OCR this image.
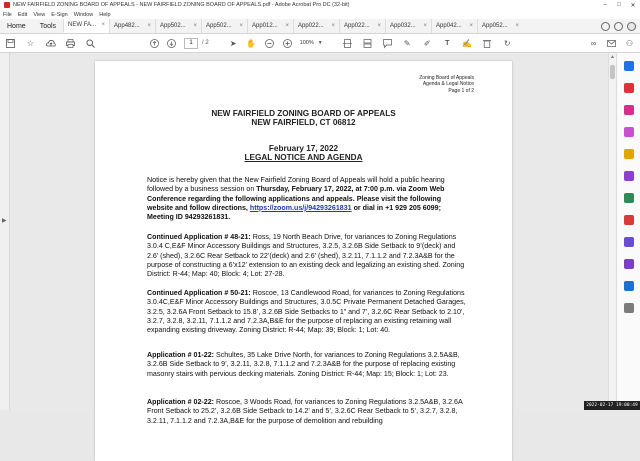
NEW FAIRFIELD ZONING BOARD OF APPEALS - NEW FAIRFIELD ZONING BOARD OF APPEALS.pdf - Adobe Acrobat Pro DC (32-bit)	–	□	✕
File Edit View E-Sign Window Help
Home	Tools	NEW FA... × App482... × App502... × App502... × App012... × App022... × App022... × App032... × App042... × App052... ×
☆	1	/ 2	➤ ✋	100% ▼	✎ ✐	T ✍	↻	∞	⚇
▶
Zoning Board of Appeals
Agenda & Legal Notice
Page 1 of 2
NEW FAIRFIELD ZONING BOARD OF APPEALS
NEW FAIRFIELD, CT 06812
February 17, 2022
LEGAL NOTICE AND AGENDA
Notice is hereby given that the New Fairfield Zoning Board of Appeals will hold a public hearing followed by a business session on Thursday, February 17, 2022, at 7:00 p.m. via Zoom Web Conference regarding the following applications and appeals. Please visit the following website and follow directions, https://zoom.us/j/94293261831 or dial in +1 929 205 6099; Meeting ID 94293261831.
Continued Application # 48-21: Ross, 19 North Beach Drive, for variances to Zoning Regulations 3.0.4 C,E&F Minor Accessory Buildings and Structures, 3.2.5, 3.2.6B Side Setback to 9’(deck) and 2.6’ (shed), 3.2.6C Rear Setback to 22’(deck) and 2.6’ (shed), 3.2.11, 7.1.1.2 and 7.2.3A&B for the purpose of constructing a 6’x12’ extension to an existing deck and legalizing an existing shed. Zoning District: R-44; Map: 40; Block: 4; Lot: 27-28.
Continued Application # 50-21: Roscoe, 13 Candlewood Road, for variances to Zoning Regulations 3.0.4C,E&F Minor Accessory Buildings and Structures, 3.0.5C Private Permanent Detached Garages, 3.2.5, 3.2.6A Front Setback to 15.8’, 3.2.6B Side Setbacks to 1” and 7’, 3.2.6C Rear Setback to 2.10’, 3.2.7, 3.2.8, 3.2.11, 7.1.1.2 and 7.2.3A,B&E for the purpose of replacing an existing retaining wall expanding existing driveway. Zoning District: R-44; Map: 39; Block: 1; Lot: 40.
Application # 01-22: Schultes, 35 Lake Drive North, for variances to Zoning Regulations 3.2.5A&B, 3.2.6B Side Setback to 9’, 3.2.11, 3.2.8, 7.1.1.2 and 7.2.3A&B for the purpose of replacing existing masonry stairs with pervious decking materials. Zoning District: R-44; Map: 15; Block: 1; Lot: 23.
Application # 02-22: Roscoe, 3 Woods Road, for variances to Zoning Regulations 3.2.5A&B, 3.2.6A Front Setback to 25.2’, 3.2.6B Side Setback to 14.2’ and 5’, 3.2.6C Rear Setback to 5’, 3.2.7, 3.2.8, 3.2.11, 7.1.1.2 and 7.2.3A,B&E for the purpose of demolition and rebuilding
▲
2022-02-17 19:00:49
